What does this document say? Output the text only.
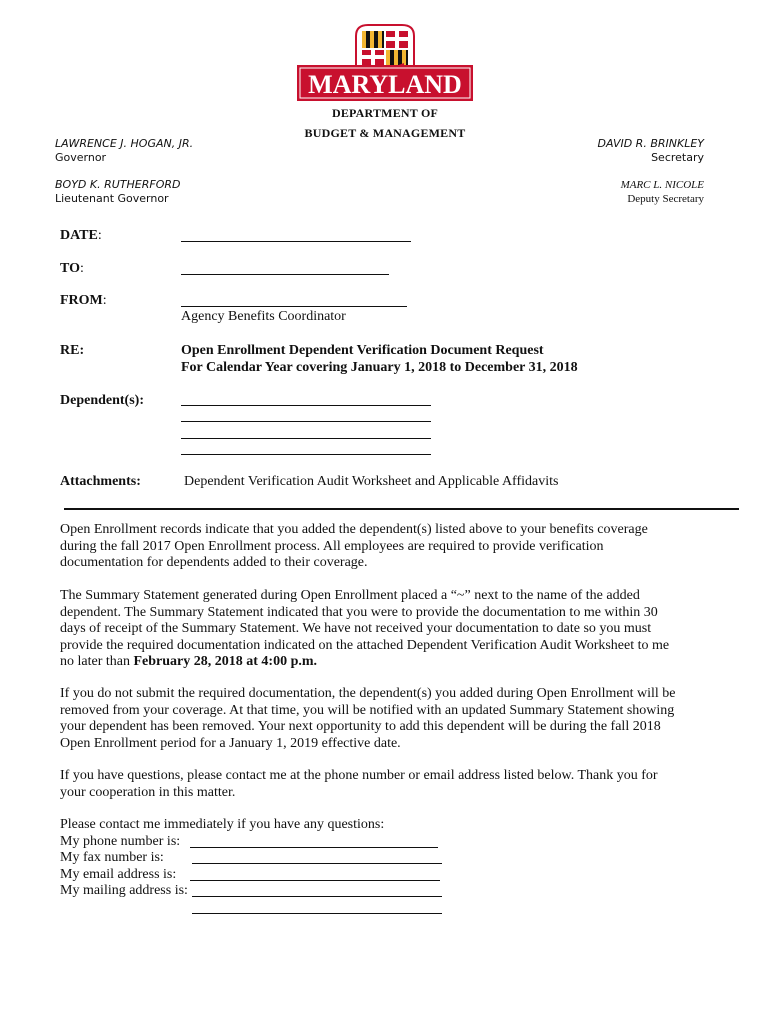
MARYLAND
DEPARTMENT OF
BUDGET & MANAGEMENT
LAWRENCE J. HOGAN, JR.
Governor
BOYD K. RUTHERFORD
Lieutenant Governor
DAVID R. BRINKLEY
Secretary
MARC L. NICOLE
Deputy Secretary
DATE:
TO:
FROM:
Agency Benefits Coordinator
RE:	Open Enrollment Dependent Verification Document Request
For Calendar Year covering January 1, 2018 to December 31, 2018
Dependent(s):
Attachments:	Dependent Verification Audit Worksheet and Applicable Affidavits
Open Enrollment records indicate that you added the dependent(s) listed above to your benefits coverage during the fall 2017 Open Enrollment process. All employees are required to provide verification documentation for dependents added to their coverage.
The Summary Statement generated during Open Enrollment placed a “~” next to the name of the added dependent. The Summary Statement indicated that you were to provide the documentation to me within 30 days of receipt of the Summary Statement. We have not received your documentation to date so you must provide the required documentation indicated on the attached Dependent Verification Audit Worksheet to me no later than February 28, 2018 at 4:00 p.m.
If you do not submit the required documentation, the dependent(s) you added during Open Enrollment will be removed from your coverage. At that time, you will be notified with an updated Summary Statement showing your dependent has been removed. Your next opportunity to add this dependent will be during the fall 2018 Open Enrollment period for a January 1, 2019 effective date.
If you have questions, please contact me at the phone number or email address listed below. Thank you for your cooperation in this matter.
Please contact me immediately if you have any questions:
My phone number is:
My fax number is:
My email address is:
My mailing address is:
